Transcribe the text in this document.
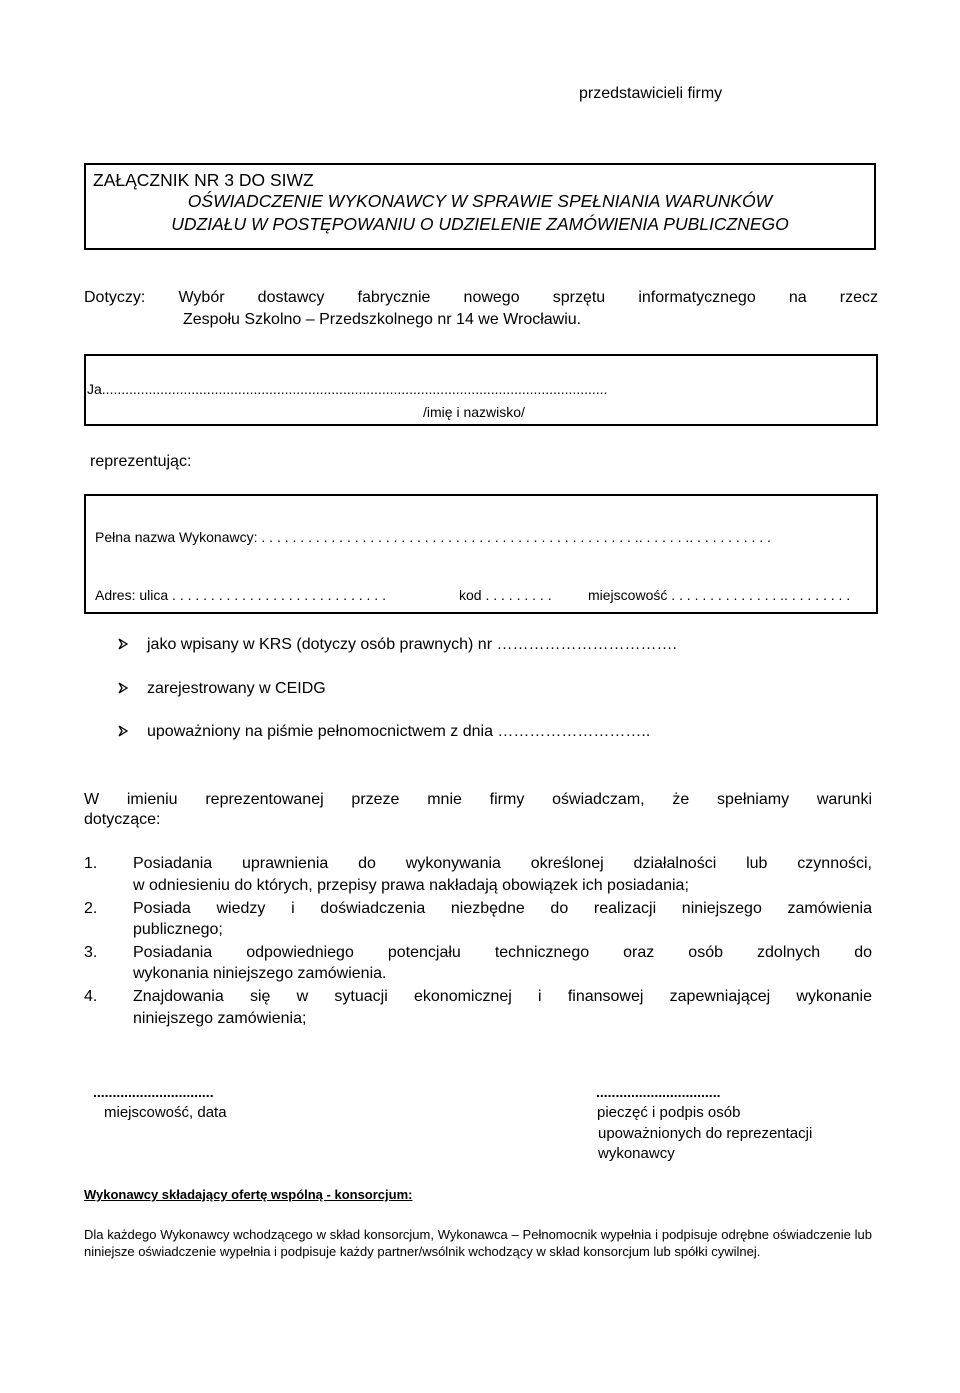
przedstawicieli firmy
ZAŁĄCZNIK NR 3 DO SIWZ
OŚWIADCZENIE WYKONAWCY W SPRAWIE SPEŁNIANIA WARUNKÓW
UDZIAŁU W POSTĘPOWANIU O UDZIELENIE ZAMÓWIENIA PUBLICZNEGO
Dotyczy: Wybór dostawcy fabrycznie nowego sprzętu informatycznego na rzecz
Zespołu Szkolno – Przedszkolnego nr 14 we Wrocławiu.
Ja..................................................................................................................................
/imię i nazwisko/
reprezentując:
Pełna nazwa Wykonawcy: . . . . . . . . . . . . . . . . . . . . . . . . . . . . . . . . . . . . . . . . . . . . . . . . .. . . . . . .. . . . . . . . . . .
Adres: ulica . . . . . . . . . . . . . . . . . . . . . . . . . . . .	kod . . . . . . . . .	miejscowość . . . . . . . . . . . . . . .. . . . . . . . .
jako wpisany w KRS (dotyczy osób prawnych) nr …………………………….
zarejestrowany w CEIDG
upoważniony na piśmie pełnomocnictwem z dnia ………………………..
W imieniu reprezentowanej przeze mnie firmy oświadczam, że spełniamy warunki
dotyczące:
1. Posiadania uprawnienia do wykonywania określonej działalności lub czynności,
w odniesieniu do których, przepisy prawa nakładają obowiązek ich posiadania;
2. Posiada wiedzy i doświadczenia niezbędne do realizacji niniejszego zamówienia
publicznego;
3. Posiadania odpowiedniego potencjału technicznego oraz osób zdolnych do
wykonania niniejszego zamówienia.
4. Znajdowania się w sytuacji ekonomicznej i finansowej zapewniającej wykonanie
niniejszego zamówienia;
...............................
miejscowość, data
................................
pieczęć i podpis osób
upoważnionych do reprezentacji
wykonawcy
Wykonawcy składający ofertę wspólną - konsorcjum:
Dla każdego Wykonawcy wchodzącego w skład konsorcjum, Wykonawca – Pełnomocnik wypełnia i podpisuje odrębne oświadczenie lub niniejsze oświadczenie wypełnia i podpisuje każdy partner/wsólnik wchodzący w skład konsorcjum lub spółki cywilnej.
